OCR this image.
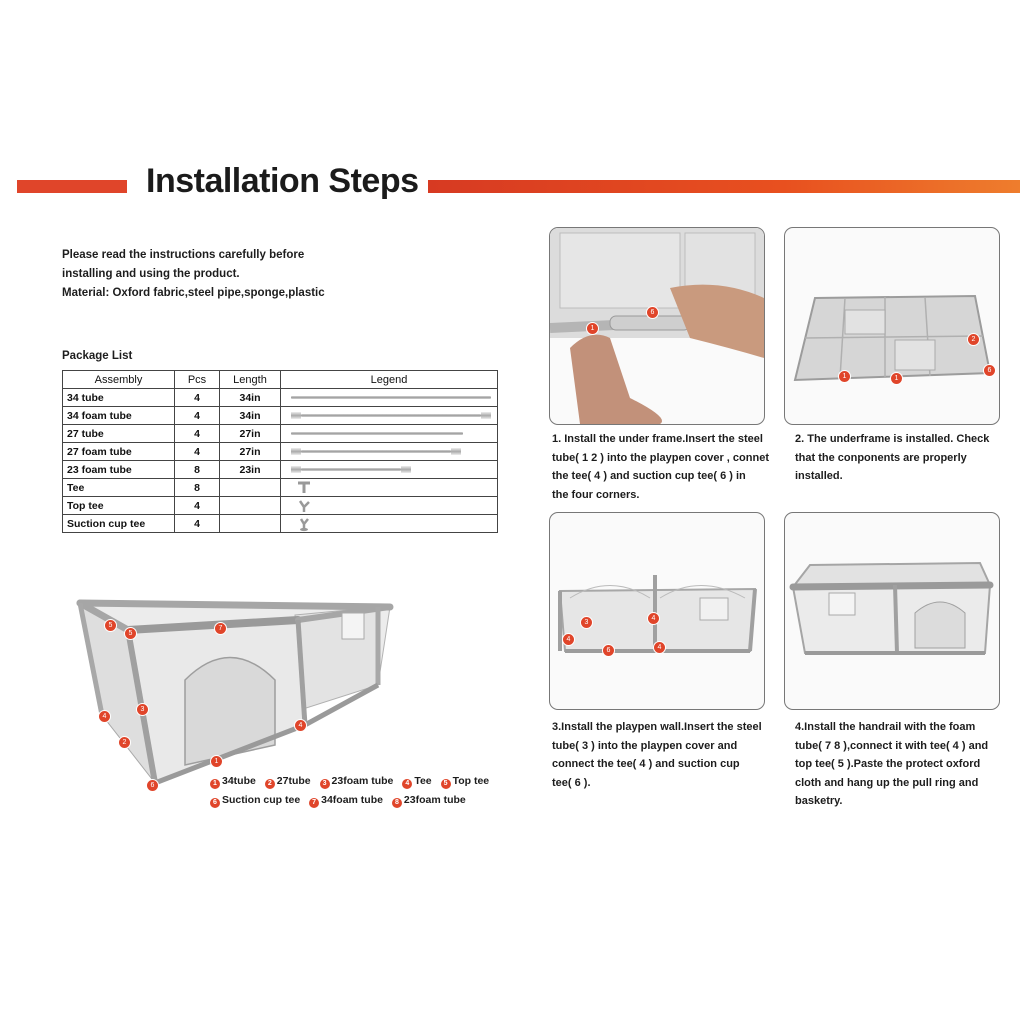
Installation Steps
Please read the instructions carefully before
installing and using the product.
Material: Oxford fabric,steel pipe,sponge,plastic
Package List
Assembly	Pcs	Length	Legend
34 tube	4	34in	

34 foam tube	4	34in	

27 tube	4	27in	

27 foam tube	4	27in	

23 foam tube	8	23in	

Tee	8		

Top tee	4		

Suction cup tee	4		
5
5
7
4
3
2
6
1
4
1 34tube 2 27tube 3 23foam tube 4 Tee 5 Top tee
6 Suction cup tee 7 34foam tube 8 23foam tube
1
6
1	1
2
6
1. Install the under frame.Insert the steel
tube( 1 2 ) into the playpen cover , connet
the tee( 4 ) and suction cup tee( 6 ) in
the four corners.
2. The underframe is installed. Check
that the conponents are properly
installed.
4
3
6
4
4
3.Install the playpen wall.Insert the steel
tube( 3 ) into the playpen cover and
connect the tee( 4 ) and suction cup
tee( 6 ).
4.Install the handrail with the foam
tube( 7 8 ),connect it with tee( 4 ) and
top tee( 5 ).Paste the protect oxford
cloth and hang up the pull ring and
basketry.
